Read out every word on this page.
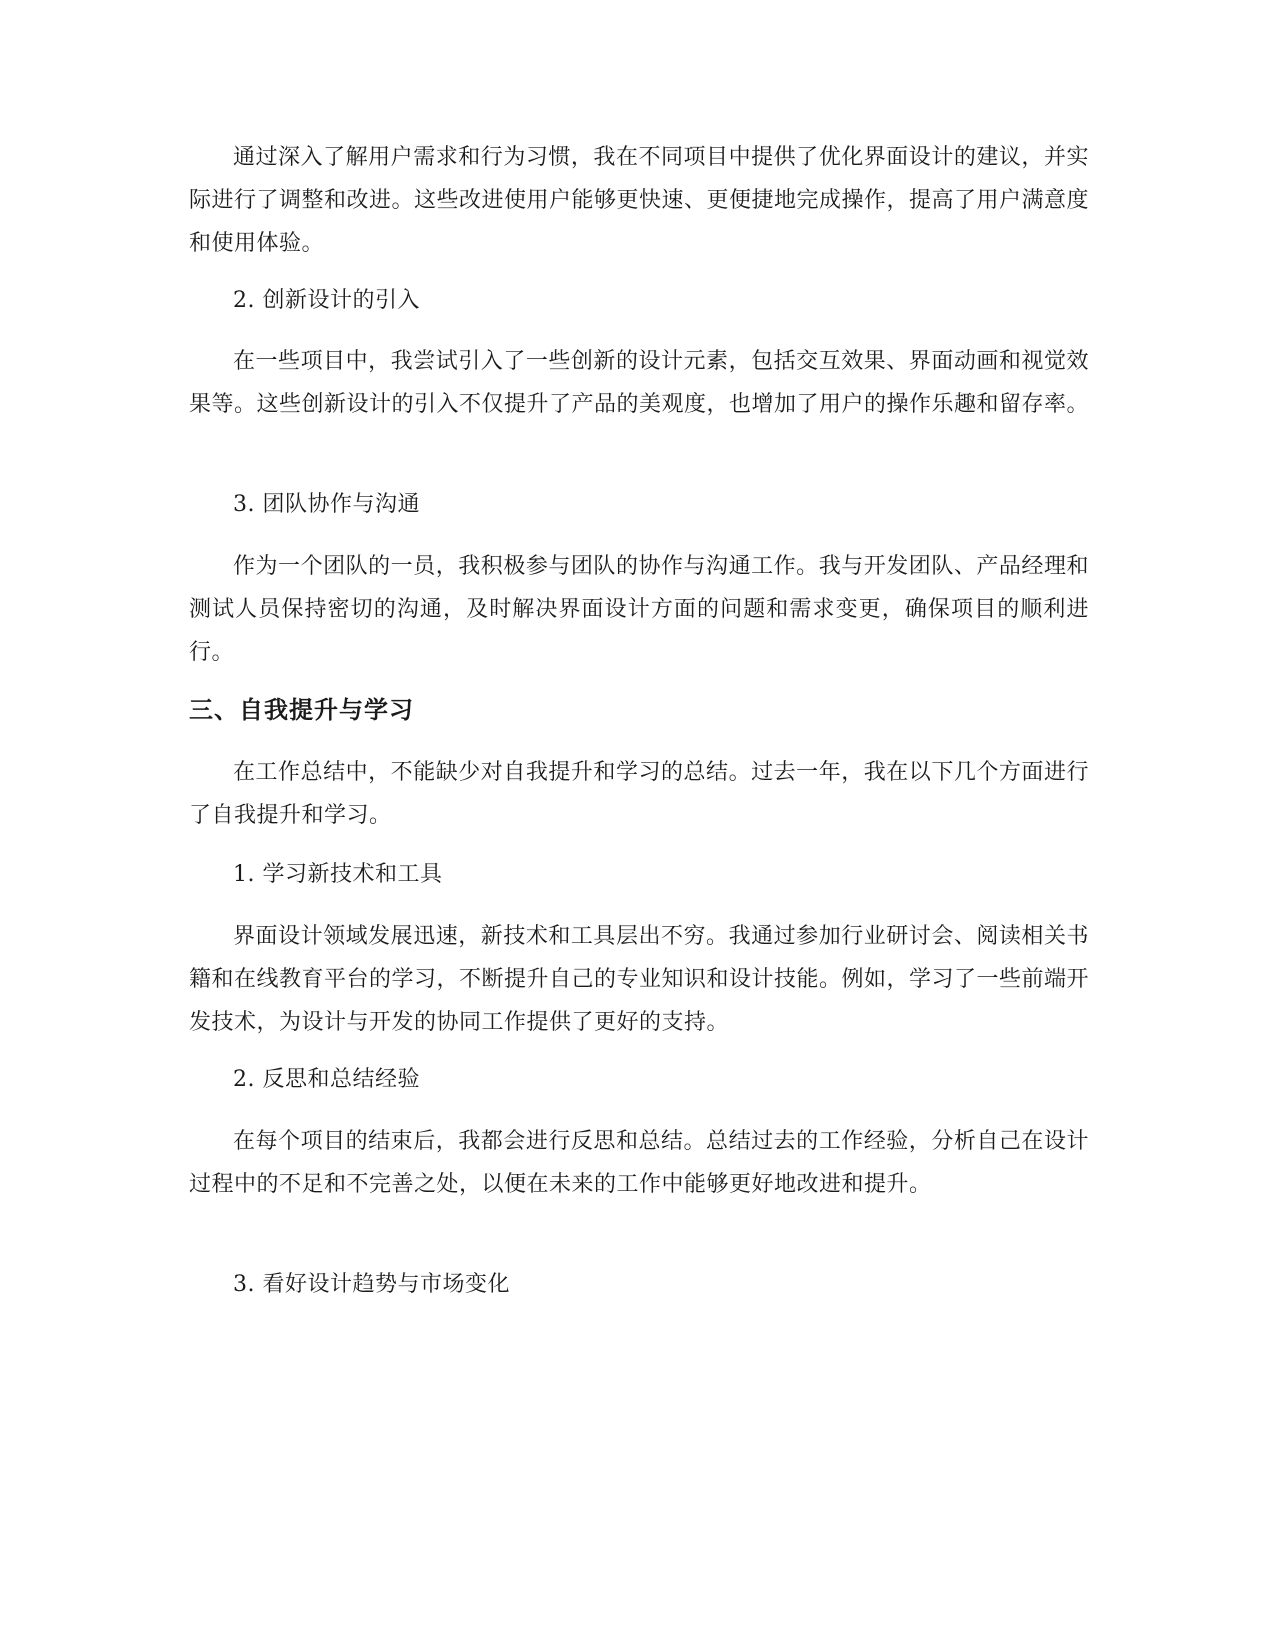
通过深入了解用户需求和行为习惯，我在不同项目中提供了优化界面设计的建议，并实际进行了调整和改进。这些改进使用户能够更快速、更便捷地完成操作，提高了用户满意度和使用体验。

2. 创新设计的引入

在一些项目中，我尝试引入了一些创新的设计元素，包括交互效果、界面动画和视觉效果等。这些创新设计的引入不仅提升了产品的美观度，也增加了用户的操作乐趣和留存率。

3. 团队协作与沟通

作为一个团队的一员，我积极参与团队的协作与沟通工作。我与开发团队、产品经理和测试人员保持密切的沟通，及时解决界面设计方面的问题和需求变更，确保项目的顺利进行。

三、自我提升与学习

在工作总结中，不能缺少对自我提升和学习的总结。过去一年，我在以下几个方面进行了自我提升和学习。

1. 学习新技术和工具

界面设计领域发展迅速，新技术和工具层出不穷。我通过参加行业研讨会、阅读相关书籍和在线教育平台的学习，不断提升自己的专业知识和设计技能。例如，学习了一些前端开发技术，为设计与开发的协同工作提供了更好的支持。

2. 反思和总结经验

在每个项目的结束后，我都会进行反思和总结。总结过去的工作经验，分析自己在设计过程中的不足和不完善之处，以便在未来的工作中能够更好地改进和提升。

3. 看好设计趋势与市场变化
